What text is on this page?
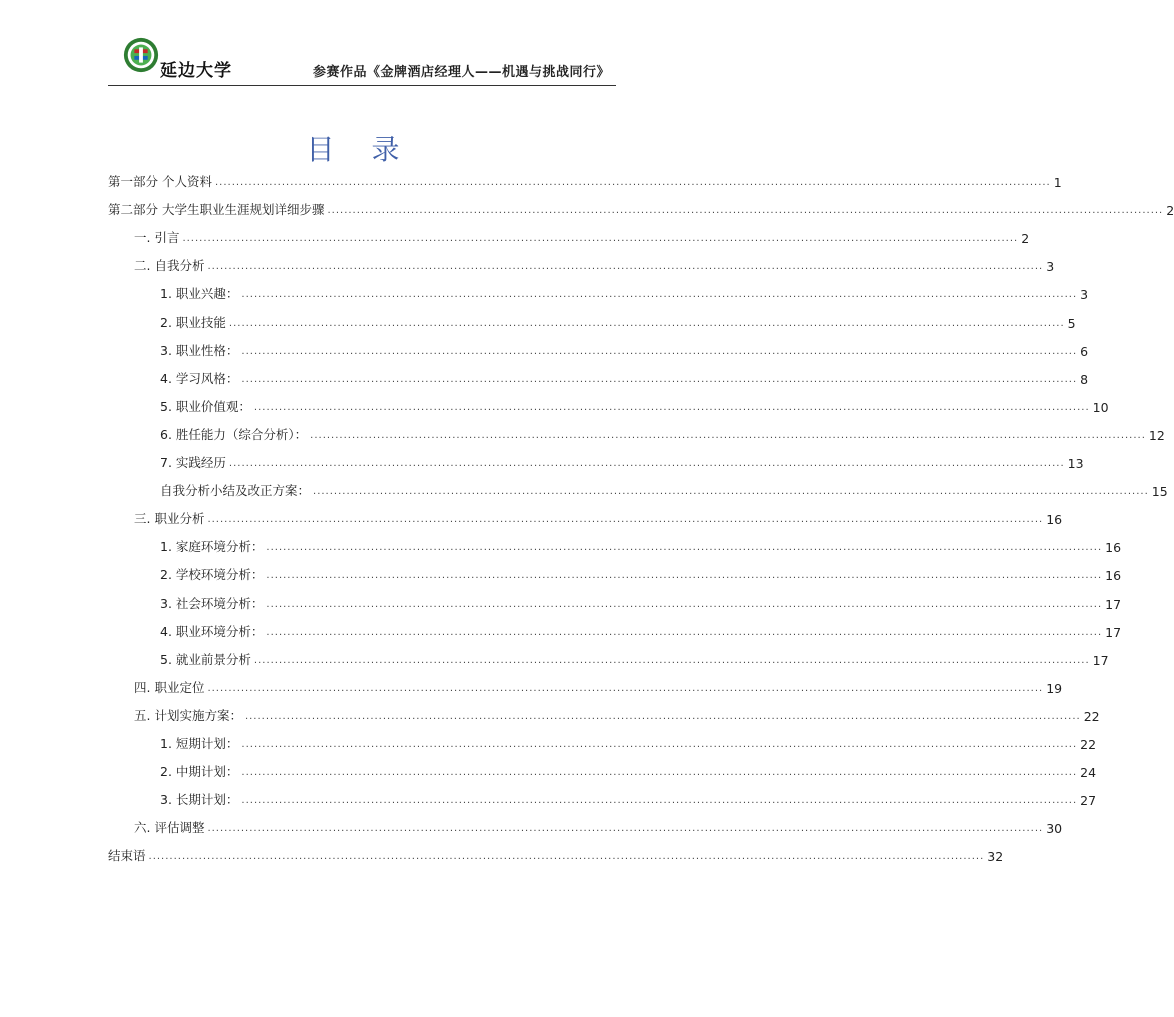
延边大学	参赛作品《金牌酒店经理人——机遇与挑战同行》
目 录
第一部分 个人资料 ........................................................................................................................................................................................................ 1
第二部分 大学生职业生涯规划详细步骤 ........................................................................................................................................................................................................ 2
一. 引言 ........................................................................................................................................................................................................ 2
二. 自我分析 ........................................................................................................................................................................................................ 3
1. 职业兴趣： ........................................................................................................................................................................................................ 3
2. 职业技能 ........................................................................................................................................................................................................ 5
3. 职业性格： ........................................................................................................................................................................................................ 6
4. 学习风格： ........................................................................................................................................................................................................ 8
5. 职业价值观： ........................................................................................................................................................................................................ 10
6. 胜任能力（综合分析）： ........................................................................................................................................................................................................ 12
7. 实践经历 ........................................................................................................................................................................................................ 13
自我分析小结及改正方案： ........................................................................................................................................................................................................ 15
三. 职业分析 ........................................................................................................................................................................................................ 16
1. 家庭环境分析： ........................................................................................................................................................................................................ 16
2. 学校环境分析： ........................................................................................................................................................................................................ 16
3. 社会环境分析： ........................................................................................................................................................................................................ 17
4. 职业环境分析： ........................................................................................................................................................................................................ 17
5. 就业前景分析 ........................................................................................................................................................................................................ 17
四. 职业定位 ........................................................................................................................................................................................................ 19
五. 计划实施方案： ........................................................................................................................................................................................................ 22
1. 短期计划： ........................................................................................................................................................................................................ 22
2. 中期计划： ........................................................................................................................................................................................................ 24
3. 长期计划： ........................................................................................................................................................................................................ 27
六. 评估调整 ........................................................................................................................................................................................................ 30
结束语 ........................................................................................................................................................................................................ 32
